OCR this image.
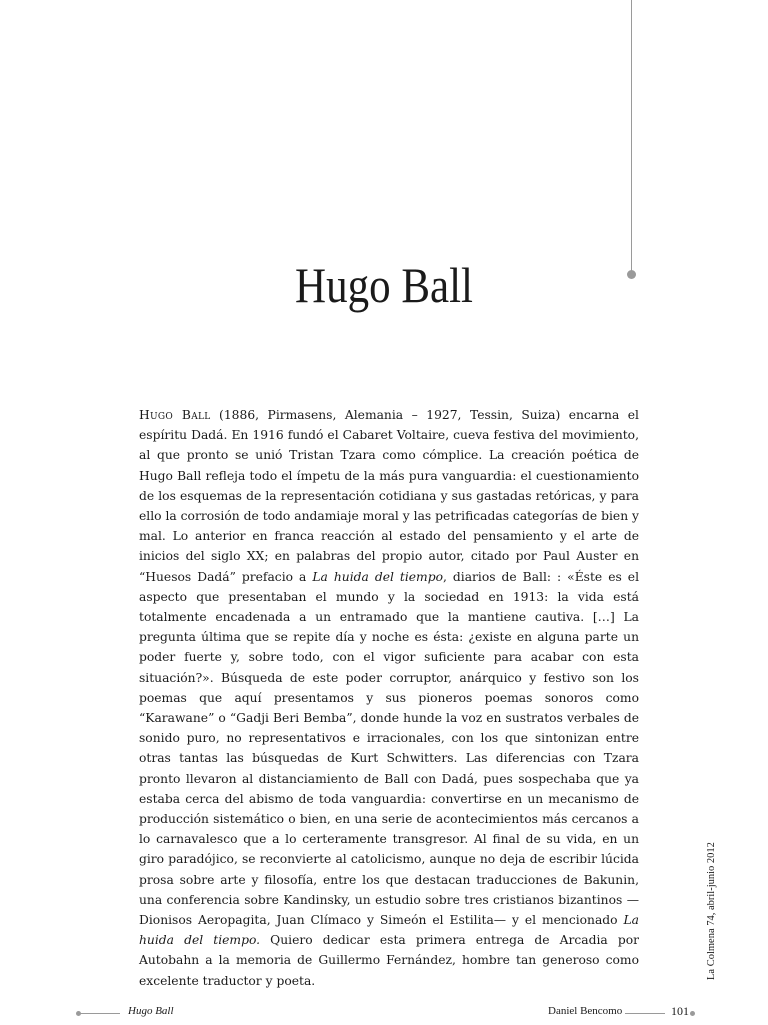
Hugo Ball
Hugo Ball (1886, Pirmasens, Alemania – 1927, Tessin, Suiza) encarna el espíritu Dadá. En 1916 fundó el Cabaret Voltaire, cueva festiva del movimiento, al que pronto se unió Tristan Tzara como cómplice. La creación poética de Hugo Ball refleja todo el ímpetu de la más pura vanguardia: el cuestionamiento de los esquemas de la representación cotidiana y sus gastadas retóricas, y para ello la corrosión de todo andamiaje moral y las petrificadas categorías de bien y mal. Lo anterior en franca reacción al estado del pensamiento y el arte de inicios del siglo XX; en palabras del propio autor, citado por Paul Auster en “Huesos Dadá” prefacio a La huida del tiempo, diarios de Ball: : «Éste es el aspecto que presentaban el mundo y la sociedad en 1913: la vida está totalmente encadenada a un entramado que la mantiene cautiva. […] La pregunta última que se repite día y noche es ésta: ¿existe en alguna parte un poder fuerte y, sobre todo, con el vigor suficiente para acabar con esta situación?». Búsqueda de este poder corruptor, anárquico y festivo son los poemas que aquí presentamos y sus pioneros poemas sonoros como “Karawane” o “Gadji Beri Bemba”, donde hunde la voz en sustratos verbales de sonido puro, no representativos e irracionales, con los que sintonizan entre otras tantas las búsquedas de Kurt Schwitters. Las diferencias con Tzara pronto llevaron al distanciamiento de Ball con Dadá, pues sospechaba que ya estaba cerca del abismo de toda vanguardia: convertirse en un mecanismo de producción sistemático o bien, en una serie de acontecimientos más cercanos a lo carnavalesco que a lo certeramente transgresor. Al final de su vida, en un giro paradójico, se reconvierte al catolicismo, aunque no deja de escribir lúcida prosa sobre arte y filosofía, entre los que destacan traducciones de Bakunin, una conferencia sobre Kandinsky, un estudio sobre tres cristianos bizantinos —Dionisos Aeropagita, Juan Clímaco y Simeón el Estilita— y el mencionado La huida del tiempo. Quiero dedicar esta primera entrega de Arcadia por Autobahn a la memoria de Guillermo Fernández, hombre tan generoso como excelente traductor y poeta.
La Colmena 74, abril-junio 2012
Hugo Ball	Daniel Bencomo	101
